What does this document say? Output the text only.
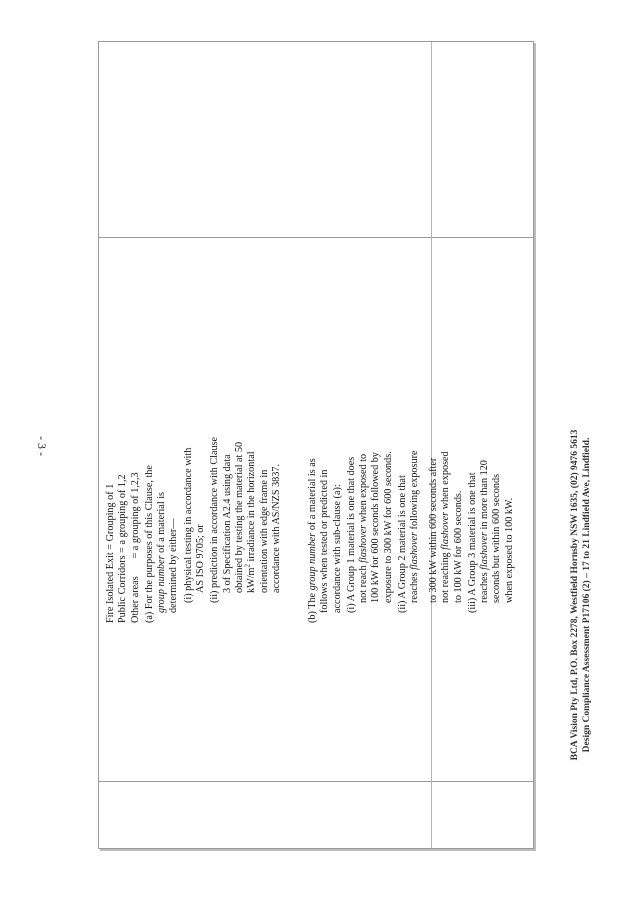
- 3 -
Fire Isolated Exit = Grouping of 1 Public Corridors = a grouping of 1,2 Other areas       = a grouping of 1,2,3 (a) For the purposes of this Clause, the group number of a material is determined by either— (i) physical testing in accordance with AS ISO 9705; or (ii) prediction in accordance with Clause 3 of Specification A2.4 using data obtained by testing the material at 50 $kW/m^2$ irradiance in the horizontal orientation with edge frame in accordance with AS/NZS 3837.
(b) The group number of a material is as follows when tested or predicted in accordance with sub-clause (a): (i) A Group 1 material is one that does not reach flashover when exposed to 100 kW for 600 seconds followed by exposure to 300 kW for 600 seconds. (ii) A Group 2 material is one that reaches flashover following exposure to 300 kW within 600 seconds after not reaching flashover when exposed
to 100 kW for 600 seconds. (iii) A Group 3 material is one that reaches flashover in more than 120 seconds but within 600 seconds when exposed to 100 kW.	BCA Vision Pty Ltd, P.O. Box 2278, Westfield Hornsby NSW 1635, (02) 9476 5613 Design Compliance Assessment P17106 (2) – 17 to 21 Lindfield Ave, Lindfield.
